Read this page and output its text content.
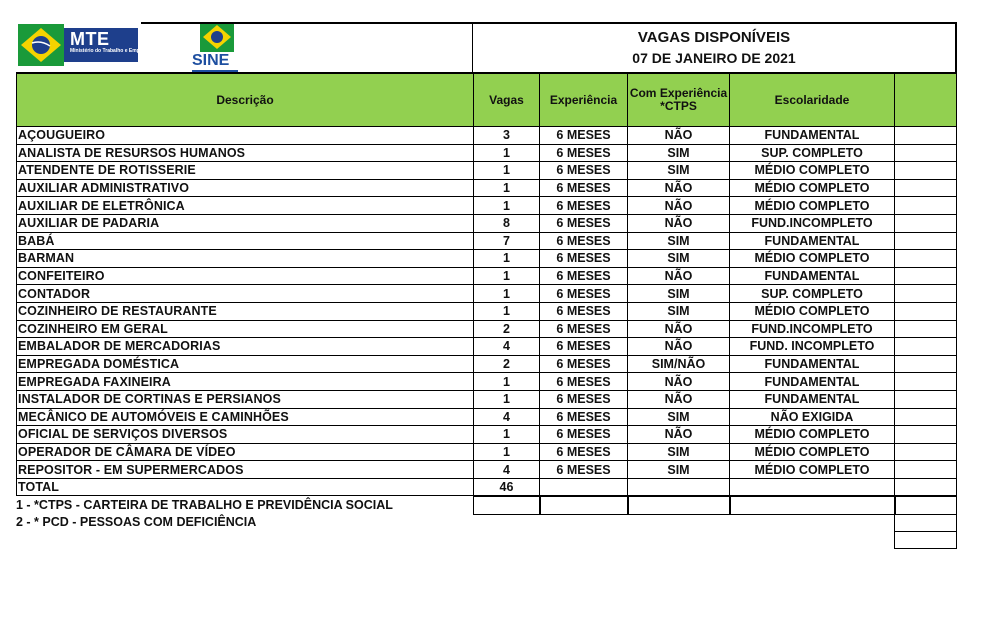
MTE
Ministério do Trabalho e Emprego
SINE
VAGAS DISPONÍVEIS
07 DE JANEIRO DE 2021
Descrição	Vagas	Experiência	Com Experiência *CTPS	Escolaridade	
AÇOUGUEIRO	3	6 MESES	NÃO	FUNDAMENTAL	
ANALISTA DE RESURSOS HUMANOS	1	6 MESES	SIM	SUP. COMPLETO	
ATENDENTE DE ROTISSERIE	1	6 MESES	SIM	MÉDIO COMPLETO	
AUXILIAR ADMINISTRATIVO	1	6 MESES	NÃO	MÉDIO COMPLETO	
AUXILIAR DE ELETRÔNICA	1	6 MESES	NÃO	MÉDIO COMPLETO	
AUXILIAR DE PADARIA	8	6 MESES	NÃO	FUND.INCOMPLETO	
BABÁ	7	6 MESES	SIM	FUNDAMENTAL	
BARMAN	1	6 MESES	SIM	MÉDIO COMPLETO	
CONFEITEIRO	1	6 MESES	NÃO	FUNDAMENTAL	
CONTADOR	1	6 MESES	SIM	SUP. COMPLETO	
COZINHEIRO DE RESTAURANTE	1	6 MESES	SIM	MÉDIO COMPLETO	
COZINHEIRO EM GERAL	2	6 MESES	NÃO	FUND.INCOMPLETO	
EMBALADOR DE MERCADORIAS	4	6 MESES	NÃO	FUND. INCOMPLETO	
EMPREGADA DOMÉSTICA	2	6 MESES	SIM/NÃO	FUNDAMENTAL	
EMPREGADA FAXINEIRA	1	6 MESES	NÃO	FUNDAMENTAL	
INSTALADOR DE CORTINAS E PERSIANOS	1	6 MESES	NÃO	FUNDAMENTAL	
MECÂNICO DE AUTOMÓVEIS E CAMINHÕES	4	6 MESES	SIM	NÃO EXIGIDA	
OFICIAL DE SERVIÇOS DIVERSOS	1	6 MESES	NÃO	MÉDIO COMPLETO	
OPERADOR DE CÂMARA DE VÍDEO	1	6 MESES	SIM	MÉDIO COMPLETO	
REPOSITOR - EM SUPERMERCADOS	4	6 MESES	SIM	MÉDIO COMPLETO	
TOTAL	46				
1 - *CTPS - CARTEIRA DE TRABALHO E PREVIDÊNCIA SOCIAL
2 - * PCD - PESSOAS COM DEFICIÊNCIA
